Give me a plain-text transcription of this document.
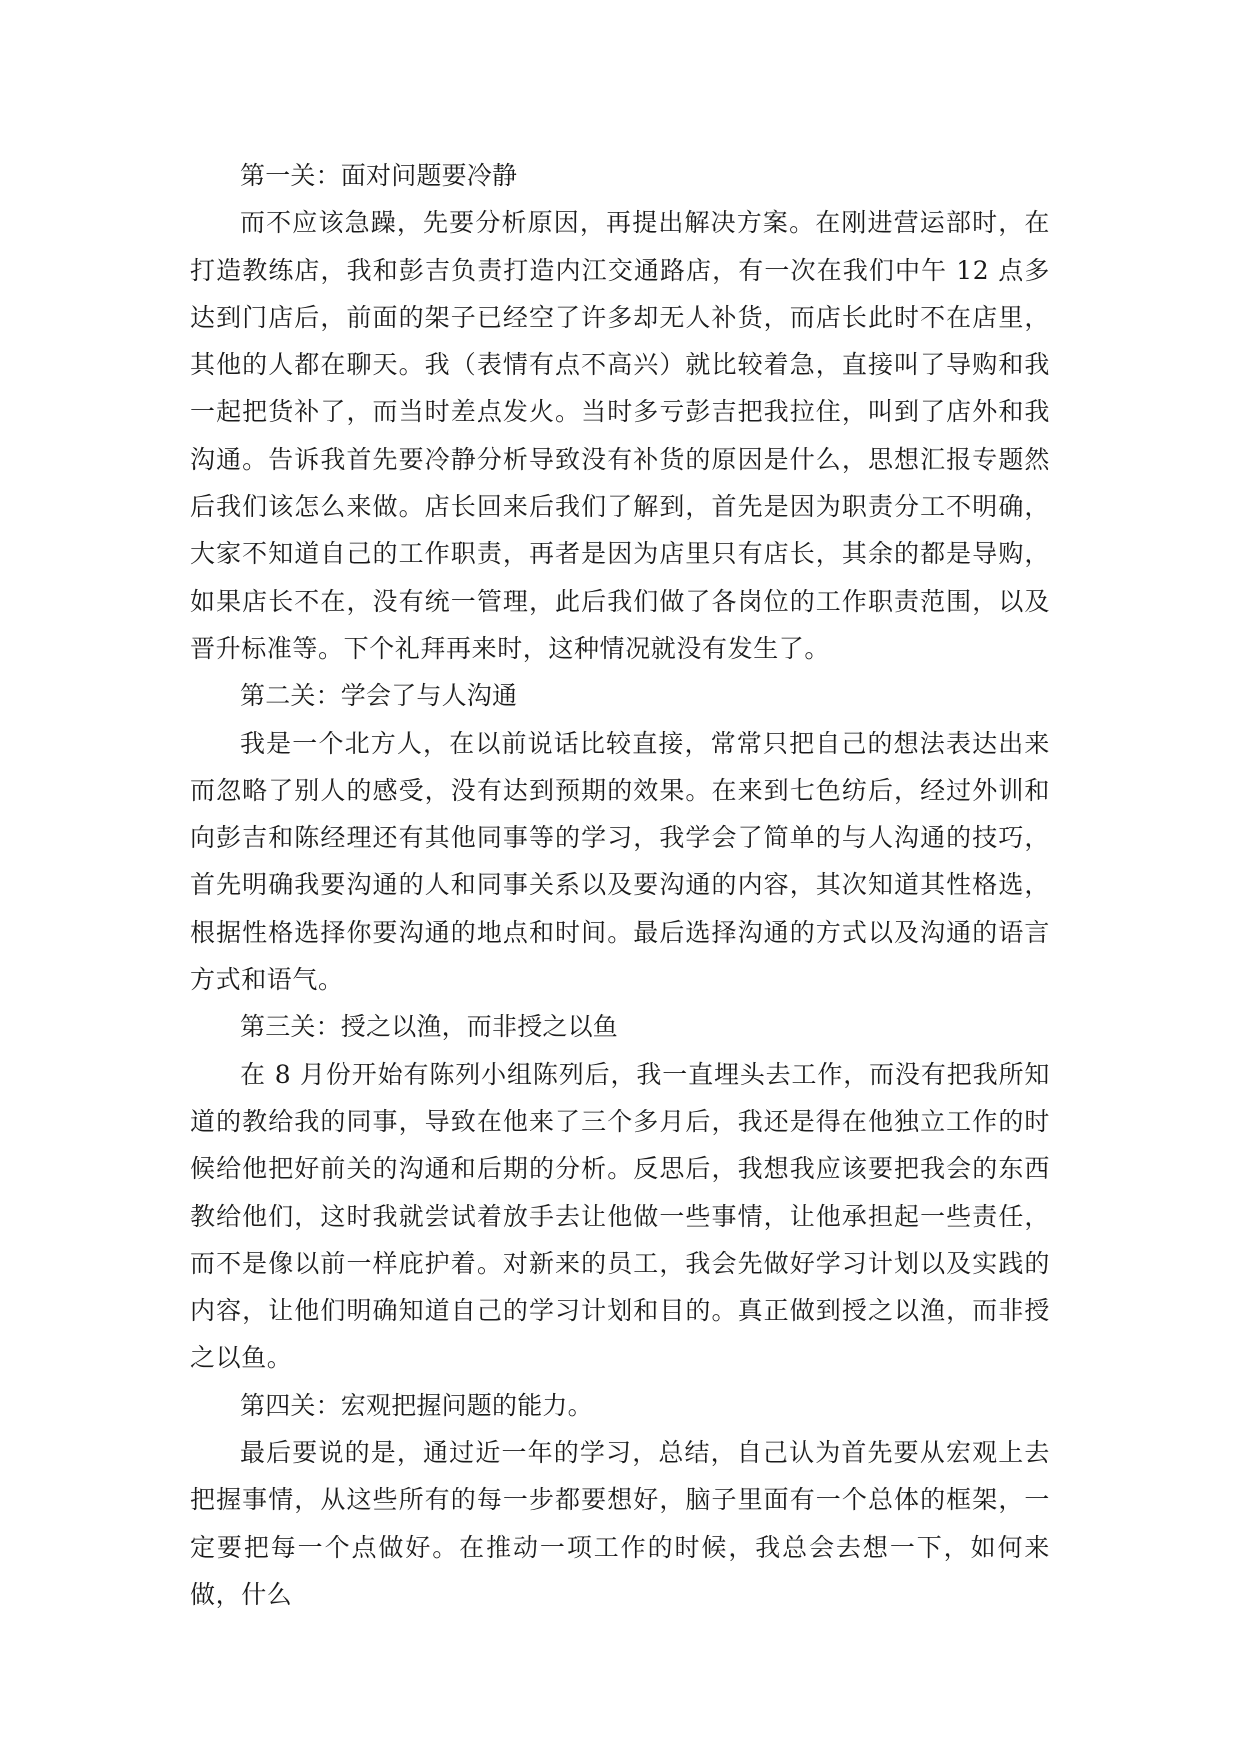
第一关：面对问题要冷静

而不应该急躁，先要分析原因，再提出解决方案。在刚进营运部时，在打造教练店，我和彭吉负责打造内江交通路店，有一次在我们中午 12 点多达到门店后，前面的架子已经空了许多却无人补货，而店长此时不在店里，其他的人都在聊天。我（表情有点不高兴）就比较着急，直接叫了导购和我一起把货补了，而当时差点发火。当时多亏彭吉把我拉住，叫到了店外和我沟通。告诉我首先要冷静分析导致没有补货的原因是什么，思想汇报专题然后我们该怎么来做。店长回来后我们了解到，首先是因为职责分工不明确，大家不知道自己的工作职责，再者是因为店里只有店长，其余的都是导购，如果店长不在，没有统一管理，此后我们做了各岗位的工作职责范围，以及晋升标准等。下个礼拜再来时，这种情况就没有发生了。

第二关：学会了与人沟通

我是一个北方人，在以前说话比较直接，常常只把自己的想法表达出来而忽略了别人的感受，没有达到预期的效果。在来到七色纺后，经过外训和向彭吉和陈经理还有其他同事等的学习，我学会了简单的与人沟通的技巧，首先明确我要沟通的人和同事关系以及要沟通的内容，其次知道其性格选，根据性格选择你要沟通的地点和时间。最后选择沟通的方式以及沟通的语言方式和语气。

第三关：授之以渔，而非授之以鱼

在 8 月份开始有陈列小组陈列后，我一直埋头去工作，而没有把我所知道的教给我的同事，导致在他来了三个多月后，我还是得在他独立工作的时候给他把好前关的沟通和后期的分析。反思后，我想我应该要把我会的东西教给他们，这时我就尝试着放手去让他做一些事情，让他承担起一些责任，而不是像以前一样庇护着。对新来的员工，我会先做好学习计划以及实践的内容，让他们明确知道自己的学习计划和目的。真正做到授之以渔，而非授之以鱼。

第四关：宏观把握问题的能力。

最后要说的是，通过近一年的学习，总结，自己认为首先要从宏观上去把握事情，从这些所有的每一步都要想好，脑子里面有一个总体的框架，一定要把每一个点做好。在推动一项工作的时候，我总会去想一下，如何来做，什么
